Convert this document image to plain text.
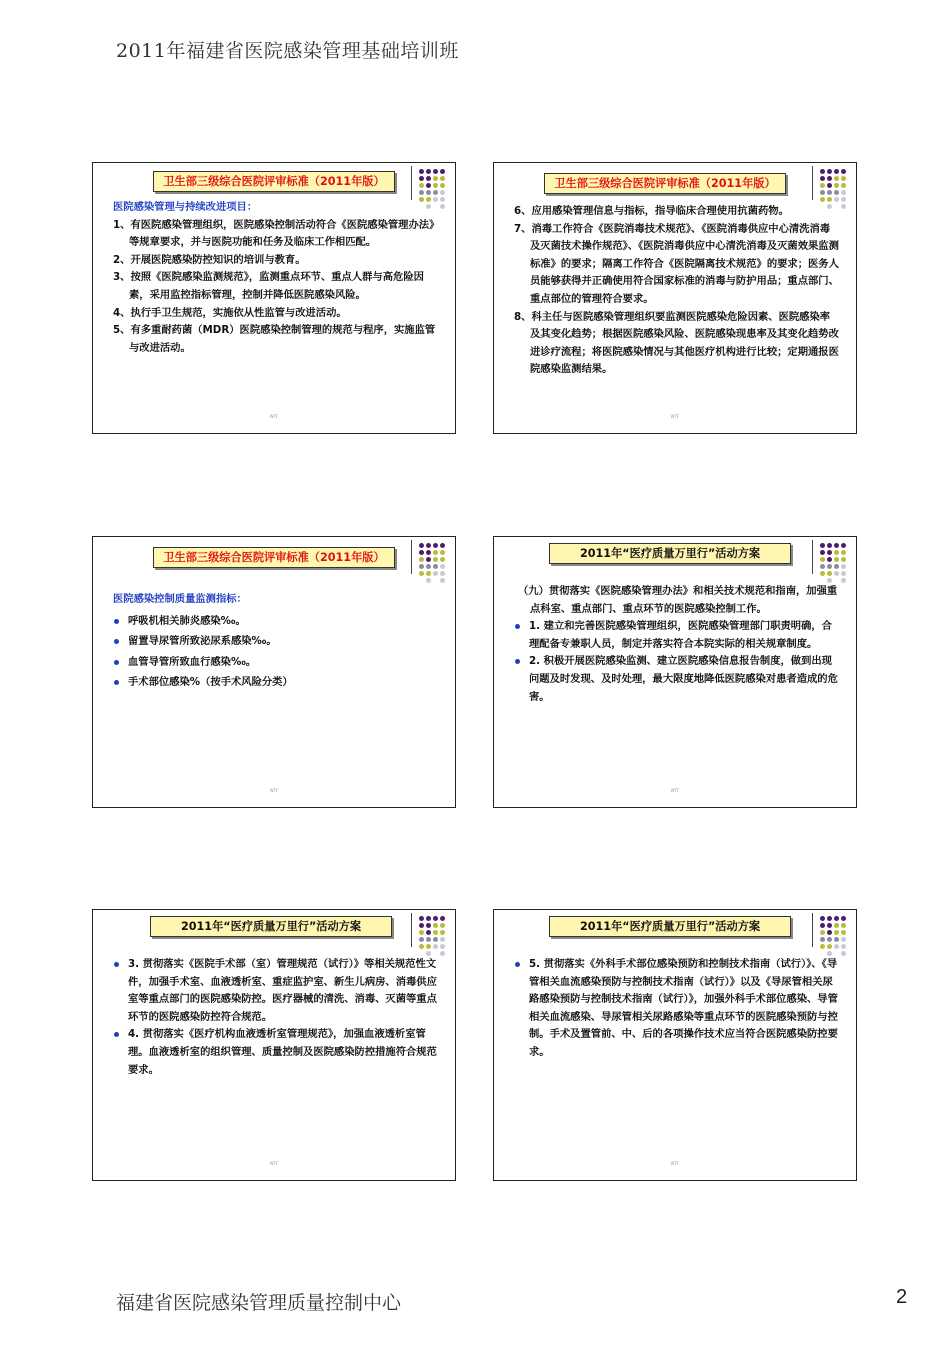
2011年福建省医院感染管理基础培训班
卫生部三级综合医院评审标准（2011年版）
医院感染管理与持续改进项目：
1、有医院感染管理组织，医院感染控制活动符合《医院感染管理办法》等规章要求，并与医院功能和任务及临床工作相匹配。
2、开展医院感染防控知识的培训与教育。
3、按照《医院感染监测规范》，监测重点环节、重点人群与高危险因素，采用监控指标管理，控制并降低医院感染风险。
4、执行手卫生规范，实施依从性监管与改进活动。
5、有多重耐药菌（MDR）医院感染控制管理的规范与程序，实施监管与改进活动。
WTF
卫生部三级综合医院评审标准（2011年版）
6、应用感染管理信息与指标，指导临床合理使用抗菌药物。
7、消毒工作符合《医院消毒技术规范》、《医院消毒供应中心清洗消毒及灭菌技术操作规范》、《医院消毒供应中心清洗消毒及灭菌效果监测标准》的要求；隔离工作符合《医院隔离技术规范》的要求；医务人员能够获得并正确使用符合国家标准的消毒与防护用品；重点部门、重点部位的管理符合要求。
8、科主任与医院感染管理组织要监测医院感染危险因素、医院感染率及其变化趋势；根据医院感染风险、医院感染现患率及其变化趋势改进诊疗流程；将医院感染情况与其他医疗机构进行比较；定期通报医院感染监测结果。
WTF
卫生部三级综合医院评审标准（2011年版）
医院感染控制质量监测指标：
呼吸机相关肺炎感染‰。
留置导尿管所致泌尿系感染‰。
血管导管所致血行感染‰。
手术部位感染%（按手术风险分类）
WTF
2011年“医疗质量万里行”活动方案
（九）贯彻落实《医院感染管理办法》和相关技术规范和指南，加强重点科室、重点部门、重点环节的医院感染控制工作。
1. 建立和完善医院感染管理组织，医院感染管理部门职责明确，合理配备专兼职人员，制定并落实符合本院实际的相关规章制度。
2. 积极开展医院感染监测、建立医院感染信息报告制度，做到出现问题及时发现、及时处理，最大限度地降低医院感染对患者造成的危害。
WTF
2011年“医疗质量万里行”活动方案
3. 贯彻落实《医院手术部（室）管理规范（试行）》等相关规范性文件，加强手术室、血液透析室、重症监护室、新生儿病房、消毒供应室等重点部门的医院感染防控。医疗器械的清洗、消毒、灭菌等重点环节的医院感染防控符合规范。
4. 贯彻落实《医疗机构血液透析室管理规范》，加强血液透析室管理。血液透析室的组织管理、质量控制及医院感染防控措施符合规范要求。
WTF
2011年“医疗质量万里行”活动方案
5. 贯彻落实《外科手术部位感染预防和控制技术指南（试行）》、《导管相关血流感染预防与控制技术指南（试行）》以及《导尿管相关尿路感染预防与控制技术指南（试行）》，加强外科手术部位感染、导管相关血流感染、导尿管相关尿路感染等重点环节的医院感染预防与控制。手术及置管前、中、后的各项操作技术应当符合医院感染防控要求。
WTF
福建省医院感染管理质量控制中心	2
